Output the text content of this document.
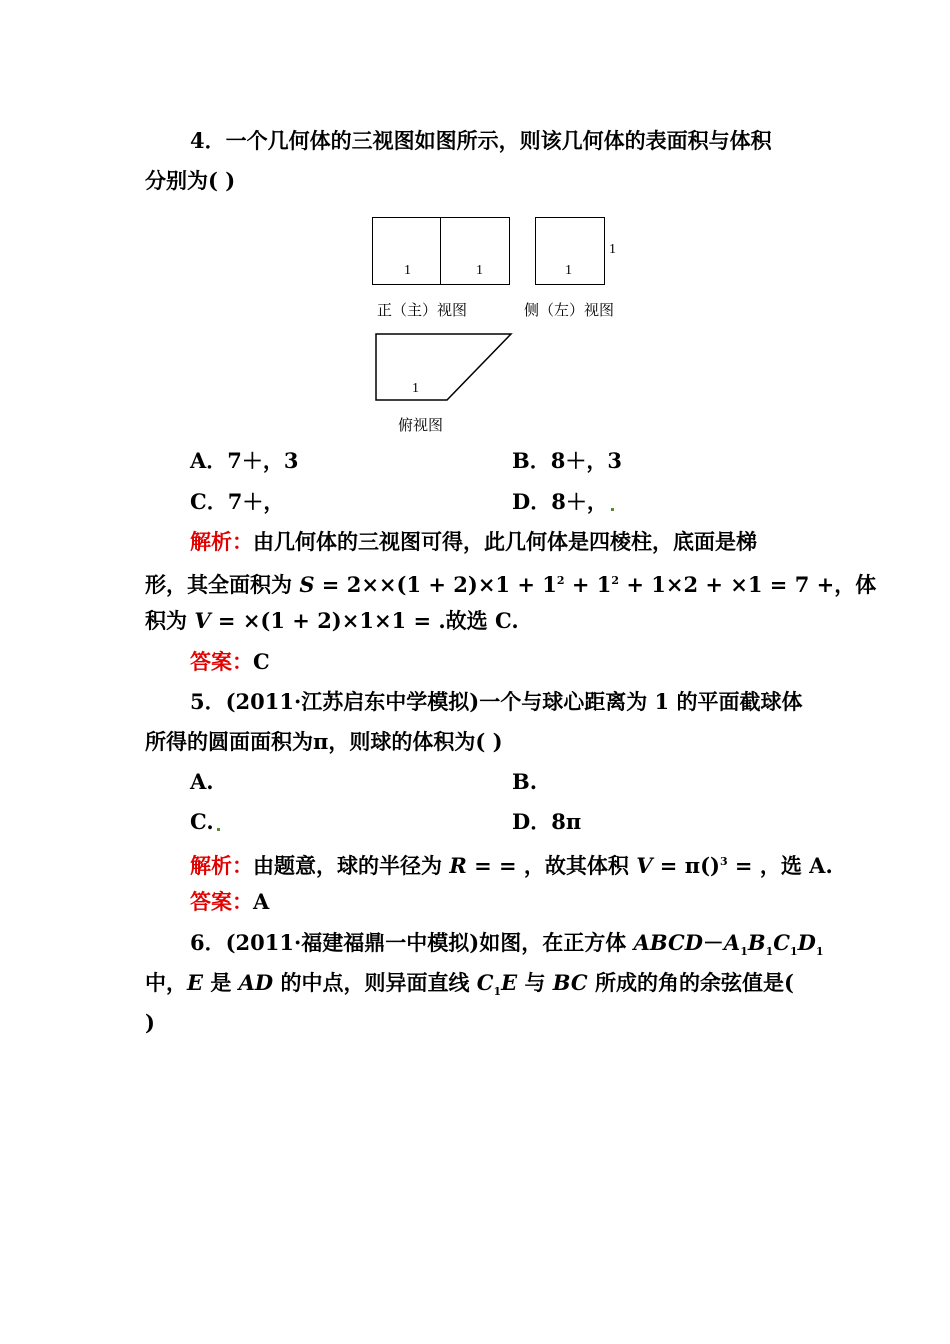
4．一个几何体的三视图如图所示，则该几何体的表面积与体积
分别为( )
1	1	1
1
正（主）视图	侧（左）视图
1
俯视图
A．7＋，3	B．8＋，3
C．7＋，	D．8＋，
解析：由几何体的三视图可得，此几何体是四棱柱，底面是梯
形，其全面积为 $S = 2\times\times(1 + 2)\times 1 + 1^2 + 1^2 + 1\times 2 + \times 1 = 7$ +，体
积为 V = ×(1 + 2)×1×1 = .故选 C.
答案：C
5．(2011·江苏启东中学模拟)一个与球心距离为 1 的平面截球体
所得的圆面面积为π，则球的体积为( )
A.	B.
C.	D．8π
解析：由题意，球的半径为 R = = ，故其体积 V = π()$^3$ = ，选 A.
答案：A
6．(2011·福建福鼎一中模拟)如图，在正方体 $ABCD-A_1B_1C_1D_1$
中，E 是 AD 的中点，则异面直线 $C_1E$ 与 BC 所成的角的余弦值是(
)
